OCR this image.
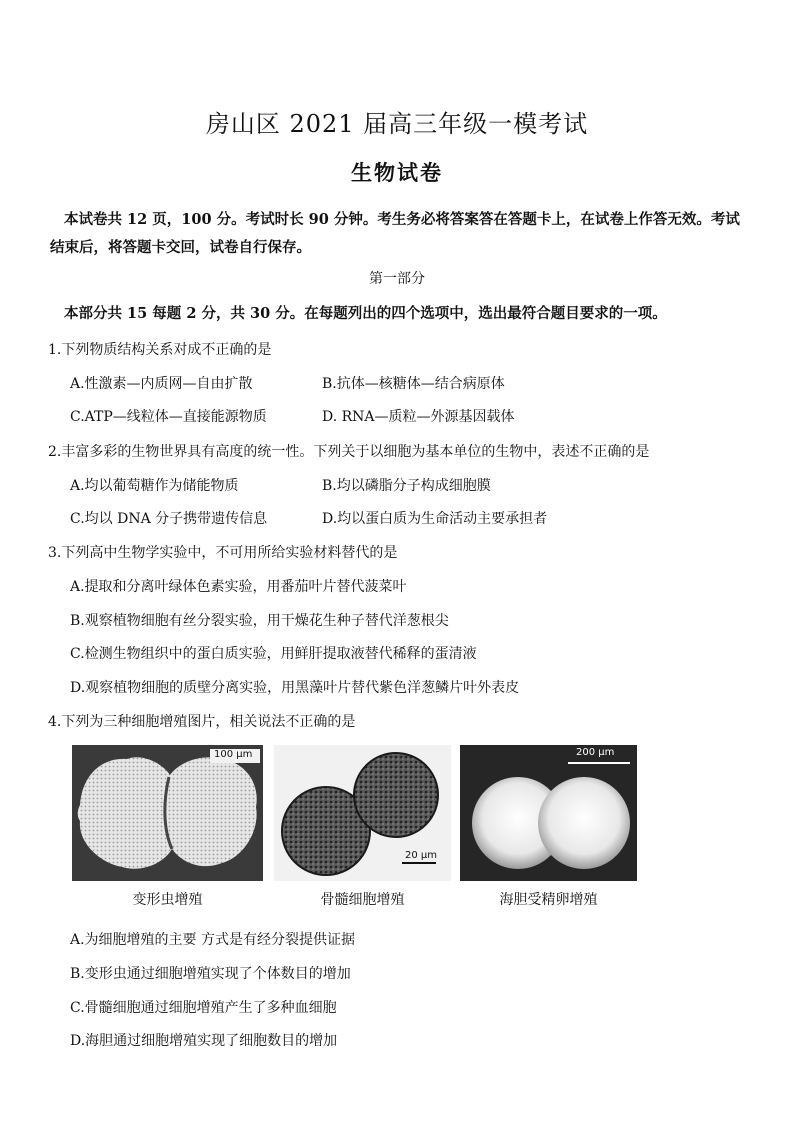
房山区 2021 届高三年级一模考试
生物试卷
本试卷共 12 页，100 分。考试时长 90 分钟。考生务必将答案答在答题卡上，在试卷上作答无效。考试结束后，将答题卡交回，试卷自行保存。
第一部分
本部分共 15 每题 2 分，共 30 分。在每题列出的四个选项中，选出最符合题目要求的一项。
1.下列物质结构关系对成不正确的是
A.性激素—内质网—自由扩散	B.抗体—核糖体—结合病原体
C.ATP—线粒体—直接能源物质	D. RNA—质粒—外源基因载体
2.丰富多彩的生物世界具有高度的统一性。下列关于以细胞为基本单位的生物中，表述不正确的是
A.均以葡萄糖作为储能物质	B.均以磷脂分子构成细胞膜
C.均以 DNA 分子携带遗传信息	D.均以蛋白质为生命活动主要承担者
3.下列高中生物学实验中，不可用所给实验材料替代的是
A.提取和分离叶绿体色素实验，用番茄叶片替代菠菜叶
B.观察植物细胞有丝分裂实验，用干燥花生种子替代洋葱根尖
C.检测生物组织中的蛋白质实验，用鲜肝提取液替代稀释的蛋清液
D.观察植物细胞的质壁分离实验，用黑藻叶片替代紫色洋葱鳞片叶外表皮
4.下列为三种细胞增殖图片，相关说法不正确的是
100 μm
20 μm
200 μm
变形虫增殖	骨髓细胞增殖	海胆受精卵增殖
A.为细胞增殖的主要 方式是有经分裂提供证据
B.变形虫通过细胞增殖实现了个体数目的增加
C.骨髓细胞通过细胞增殖产生了多种血细胞
D.海胆通过细胞增殖实现了细胞数目的增加
